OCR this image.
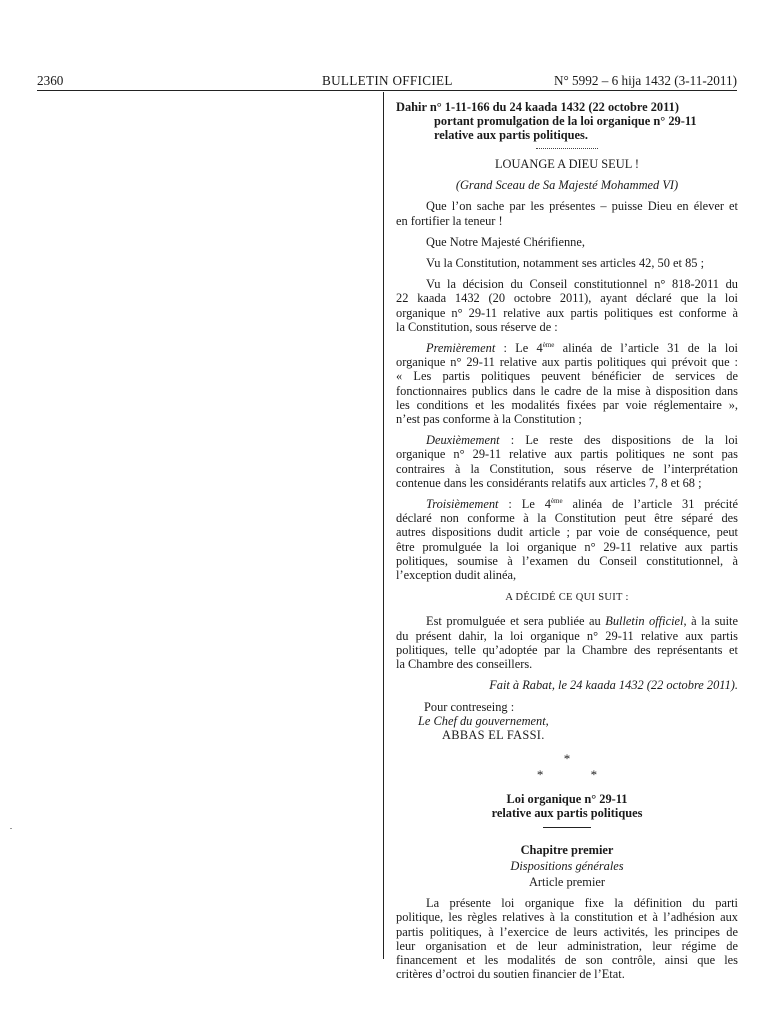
2360	BULLETIN OFFICIEL	N° 5992 – 6 hija 1432 (3-11-2011)
Dahir n° 1-11-166 du 24 kaada 1432 (22 octobre 2011)
portant promulgation de la loi organique n° 29-11
relative aux partis politiques.

LOUANGE A DIEU SEUL !

(Grand Sceau de Sa Majesté Mohammed VI)

Que l’on sache par les présentes – puisse Dieu en élever et

en fortifier la teneur !

Que Notre Majesté Chérifienne,

Vu la Constitution, notamment ses articles 42, 50 et 85 ;

Vu la décision du Conseil constitutionnel n° 818-2011 du

22 kaada 1432 (20 octobre 2011), ayant déclaré que la loi

organique n° 29-11 relative aux partis politiques est conforme à

la Constitution, sous réserve de :

Premièrement : Le 4ème alinéa de l’article 31 de la loi

organique n° 29-11 relative aux partis politiques qui prévoit que :

« Les partis politiques peuvent bénéficier de services de

fonctionnaires publics dans le cadre de la mise à disposition dans

les conditions et les modalités fixées par voie réglementaire »,

n’est pas conforme à la Constitution ;

Deuxièmement : Le reste des dispositions de la loi

organique n° 29-11 relative aux partis politiques ne sont pas

contraires à la Constitution, sous réserve de l’interprétation

contenue dans les considérants relatifs aux articles 7, 8 et 68 ;

Troisièmement : Le 4ème alinéa de l’article 31 précité

déclaré non conforme à la Constitution peut être séparé des

autres dispositions dudit article ; par voie de conséquence, peut

être promulguée la loi organique n° 29-11 relative aux partis

politiques, soumise à l’examen du Conseil constitutionnel, à

l’exception dudit alinéa,

A DÉCIDÉ CE QUI SUIT :

Est promulguée et sera publiée au Bulletin officiel, à la suite

du présent dahir, la loi organique n° 29-11 relative aux partis

politiques, telle qu’adoptée par la Chambre des représentants et

la Chambre des conseillers.

Fait à Rabat, le 24 kaada 1432 (22 octobre 2011).

Pour contreseing :

Le Chef du gouvernement,

ABBAS EL FASSI.

*
* *

Loi organique n° 29-11

relative aux partis politiques

Chapitre premier

Dispositions générales

Article premier

La présente loi organique fixe la définition du parti

politique, les règles relatives à la constitution et à l’adhésion aux

partis politiques, à l’exercice de leurs activités, les principes de

leur organisation et de leur administration, leur régime de

financement et les modalités de son contrôle, ainsi que les

critères d’octroi du soutien financier de l’Etat.
